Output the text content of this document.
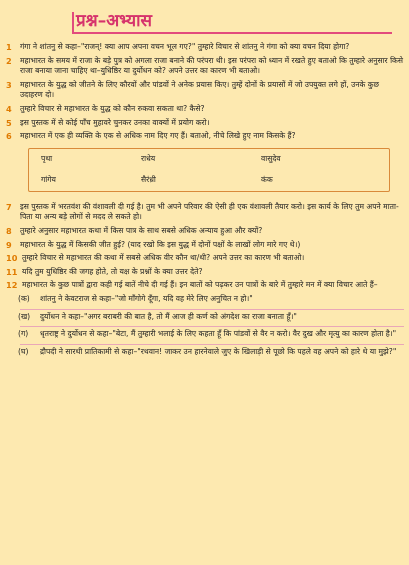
प्रश्न–अभ्यास
1	गंगा ने शांतनु से कहा–"राजन्! क्या आप अपना वचन भूल गए?" तुम्हारे विचार से शांतनु ने गंगा को क्या वचन दिया होगा?
2	महाभारत के समय में राजा के बड़े पुत्र को अगला राजा बनाने की परंपरा थी। इस परंपरा को ध्यान में रखते हुए बताओ कि तुम्हारे अनुसार किसे राजा बनाया जाना चाहिए था–युधिष्ठिर या दुर्योधन को? अपने उत्तर का कारण भी बताओ।
3	महाभारत के युद्ध को जीतने के लिए कौरवों और पांडवों ने अनेक प्रयास किए। तुम्हें दोनों के प्रयासों में जो उपयुक्त लगे हों, उनके कुछ उदाहरण दो।
4	तुम्हारे विचार से महाभारत के युद्ध को कौन रुकवा सकता था? कैसे?
5	इस पुस्तक में से कोई पाँच मुहावरे चुनकर उनका वाक्यों में प्रयोग करो।
6	महाभारत में एक ही व्यक्ति के एक से अधिक नाम दिए गए हैं। बताओ, नीचे लिखे हुए नाम किसके हैं?
पृथा	राधेय	वासुदेव
गांगेय	सैरंध्री	कंक
7	इस पुस्तक में भरतवंश की वंशावली दी गई है। तुम भी अपने परिवार की ऐसी ही एक वंशावली तैयार करो। इस कार्य के लिए तुम अपने माता-पिता या अन्य बड़े लोगों से मदद ले सकते हो।
8	तुम्हारे अनुसार महाभारत कथा में किस पात्र के साथ सबसे अधिक अन्याय हुआ और क्यों?
9	महाभारत के युद्ध में किसकी जीत हुई? (याद रखो कि इस युद्ध में दोनों पक्षों के लाखों लोग मारे गए थे।)
10 तुम्हारे विचार से महाभारत की कथा में सबसे अधिक वीर कौन था/थी? अपने उत्तर का कारण भी बताओ।
11 यदि तुम युधिष्ठिर की जगह होते, तो यक्ष के प्रश्नों के क्या उत्तर देते?
12 महाभारत के कुछ पात्रों द्वारा कही गई बातें नीचे दी गई हैं। इन बातों को पढ़कर उन पात्रों के बारे में तुम्हारे मन में क्या विचार आते हैं–
(क)	शांतनु ने केवटराज से कहा–"जो माँगोगे दूँगा, यदि वह मेरे लिए अनुचित न हो।"
(ख)	दुर्योधन ने कहा–"अगर बराबरी की बात है, तो मैं आज ही कर्ण को अंगदेश का राजा बनाता हूँ।"
(ग)	धृतराष्ट्र ने दुर्योधन से कहा–"बेटा, मैं तुम्हारी भलाई के लिए कहता हूँ कि पांडवों से वैर न करो। वैर दुख और मृत्यु का कारण होता है।"
(घ)	द्रौपदी ने सारथी प्रातिकामी से कहा–"रथवान! जाकर उन हारनेवाले जुए के खिलाड़ी से पूछो कि पहले वह अपने को हारे थे या मुझे?"
